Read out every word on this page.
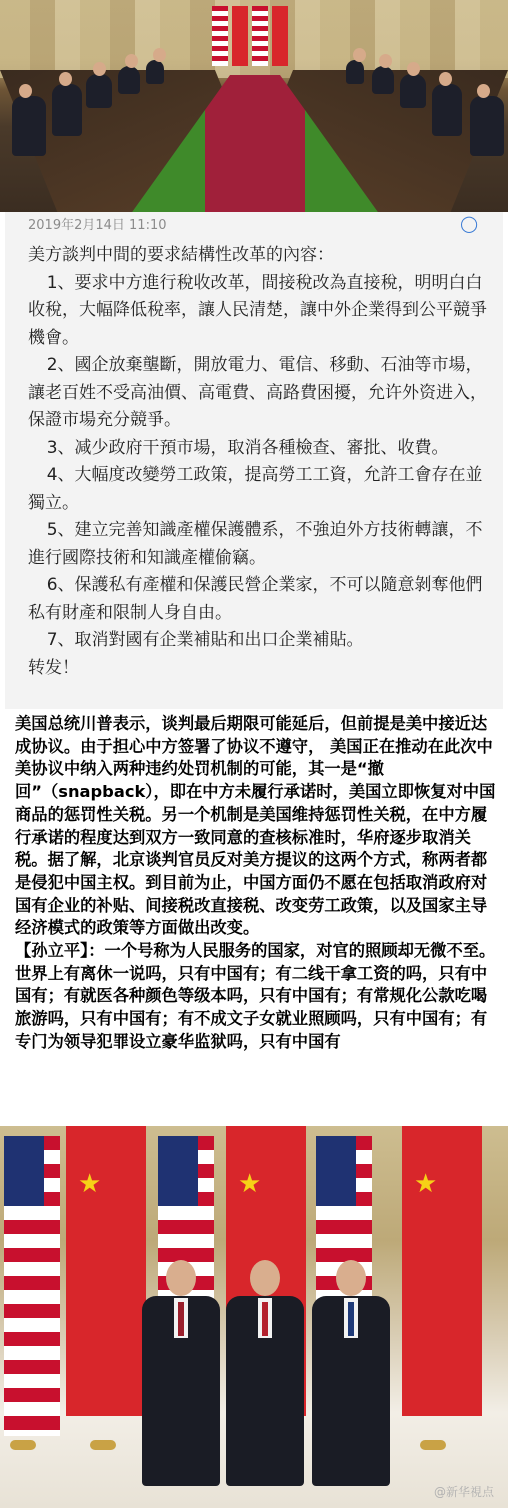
2019年2月14日 11:10	◯

美方談判中間的要求結構性改革的內容：

1、要求中方進行稅收改革，間接稅改為直接稅，明明白白收稅，大幅降低稅率，讓人民清楚，讓中外企業得到公平競爭機會。

2、國企放棄壟斷，開放電力、電信、移動、石油等市場，讓老百姓不受高油價、高電費、高路費困擾，允许外资进入，保證市場充分競爭。

3、减少政府干預市場，取消各種檢查、審批、收費。

4、大幅度改變勞工政策，提高勞工工資，允許工會存在並獨立。

5、建立完善知識產權保護體系，不強迫外方技術轉讓，不進行國際技術和知識產權偷竊。

6、保護私有產權和保護民營企業家，不可以隨意剝奪他們私有財產和限制人身自由。

7、取消對國有企業補貼和出口企業補貼。

转发！

美国总统川普表示，谈判最后期限可能延后，但前提是美中接近达成协议。由于担心中方签署了协议不遵守， 美国正在推动在此次中美协议中纳入两种违约处罚机制的可能，其一是“撤回”（snapback），即在中方未履行承诺时，美国立即恢复对中国商品的惩罚性关税。另一个机制是美国维持惩罚性关税，在中方履行承诺的程度达到双方一致同意的查核标准时，华府逐步取消关税。据了解，北京谈判官员反对美方提议的这两个方式，称两者都是侵犯中国主权。到目前为止，中国方面仍不愿在包括取消政府对国有企业的补贴、间接税改直接税、改变劳工政策，以及国家主导经济模式的政策等方面做出改变。

【孙立平】：一个号称为人民服务的国家，对官的照顾却无微不至。世界上有离休一说吗，只有中国有；有二线干拿工资的吗，只有中国有；有就医各种颜色等级本吗，只有中国有；有常规化公款吃喝旅游吗，只有中国有；有不成文子女就业照顾吗，只有中国有；有专门为领导犯罪设立豪华监狱吗，只有中国有

★	★	★
@新华視点
